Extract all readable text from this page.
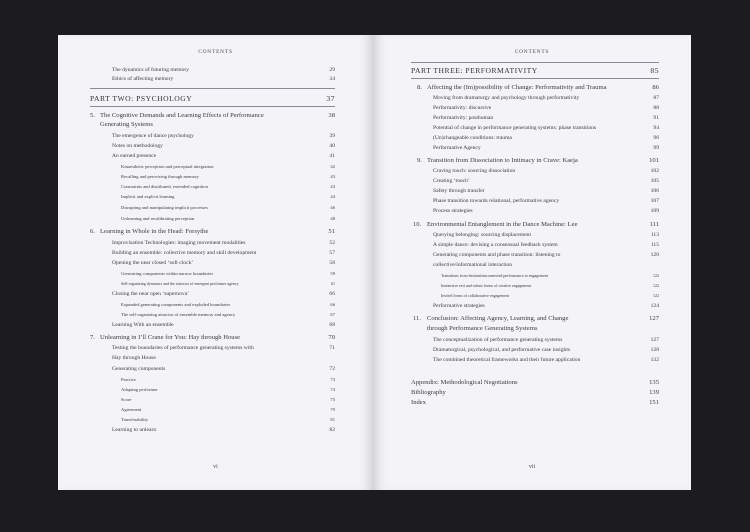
CONTENTS
The dynamics of futuring memory	29
Ethics of affecting memory	34
PART TWO: PSYCHOLOGY	37
5. The Cognitive Demands and Learning Effects of Performance	38
Generating Systems
The emergence of dance psychology	39
Notes on methodology	40
An earned presence	41
Kinaesthetic perception and perceptual integration	42
Recalling and perceiving through memory	43
Constraints and distributed, extended cognition	43
Implicit and explicit learning	44
Disrupting and manipulating implicit processes	46
Unlearning and recalibrating perception	48
6. Learning in Whole in the Head: Forsythe	51
Improvisation Technologies: imaging movement modalities	52
Building an ensemble: collective memory and skill development	57
Opening the near closed ‘soft clock’	58
Generating components within narrow boundaries	59
Self-organizing dynamics and the attractor of emergent performer agency	61
Closing the near open ‘supernova’	66
Expanded generating components and exploded boundaries	66
The self-organizing attractor of ensemble memory and agency	67
Learning With an ensemble	68
7. Unlearning in I’ll Crane for You: Hay through House	70
Testing the boundaries of performance generating systems with	71
Hay through House
Generating components	72
Practice	73
Adapting performer	74
Score	75
Agreement	79
Transferability	81
Learning to unlearn	82
vi
CONTENTS
PART THREE: PERFORMATIVITY	85
8. Affecting the (Im)possibility of Change: Performativity and Trauma	86
Moving from dramaturgy and psychology through performativity	87
Performativity: discursive	88
Performativity: posthuman	91
Potential of change in performance generating systems: phase transitions	94
(Un)changeable conditions: trauma	96
Performative Agency	99
9. Transition from Dissociation to Intimacy in Crave: Kaeja	101
Craving touch: sourcing dissociation	102
Creating ‘touch’	105
Safety through transfer	106
Phase transition towards relational, performative agency	107
Process strategies	109
10. Environmental Entanglement in the Dance Machine: Lee	111
Querying belonging: sourcing displacement	113
A simple dance: devising a consensual feedback system	115
Generating components and phase transition: listening to	120
collective/informational interaction
Transitions from hesitant/unconnected performance to engagement	122
Immersive rest and robust forms of creative engagement	122
Invited forms of collaborative engagement	122
Performative strategies	124
11. Conclusion: Affecting Agency, Learning, and Change	127
through Performance Generating Systems
The conceptualization of performance generating systems	127
Dramaturgical, psychological, and performative case insights	128
The combined theoretical frameworks and their future application	132
Appendix: Methodological Negotiations	135
Bibliography	139
Index	151
vii
